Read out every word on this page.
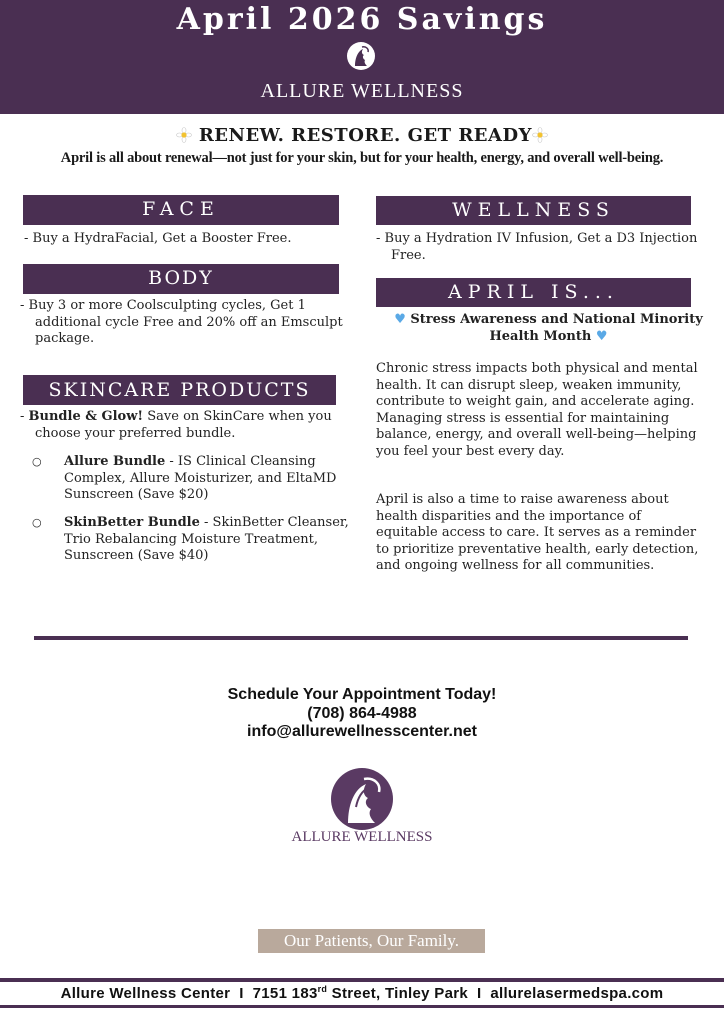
April 2026 Savings
ALLURE WELLNESS
RENEW. RESTORE. GET READY
April is all about renewal—not just for your skin, but for your health, energy, and overall well-being.
FACE
- Buy a HydraFacial, Get a Booster Free.
BODY
- Buy 3 or more Coolsculpting cycles, Get 1 additional cycle Free and 20% off an Emsculpt package.
SKINCARE PRODUCTS
- Bundle & Glow! Save on SkinCare when you choose your preferred bundle.
○ Allure Bundle - IS Clinical Cleansing Complex, Allure Moisturizer, and EltaMD Sunscreen (Save $20)
○ SkinBetter Bundle - SkinBetter Cleanser, Trio Rebalancing Moisture Treatment, Sunscreen (Save $40)
WELLNESS
- Buy a Hydration IV Infusion, Get a D3 Injection Free.
APRIL IS...
♥ Stress Awareness and National Minority Health Month ♥
Chronic stress impacts both physical and mental health. It can disrupt sleep, weaken immunity, contribute to weight gain, and accelerate aging. Managing stress is essential for maintaining balance, energy, and overall well-being—helping you feel your best every day.
April is also a time to raise awareness about health disparities and the importance of equitable access to care. It serves as a reminder to prioritize preventative health, early detection, and ongoing wellness for all communities.
Schedule Your Appointment Today!
(708) 864-4988
info@allurewellnesscenter.net
ALLURE WELLNESS
Our Patients, Our Family.
Allure Wellness Center I 7151 183rd Street, Tinley Park I allurelasermedspa.com
